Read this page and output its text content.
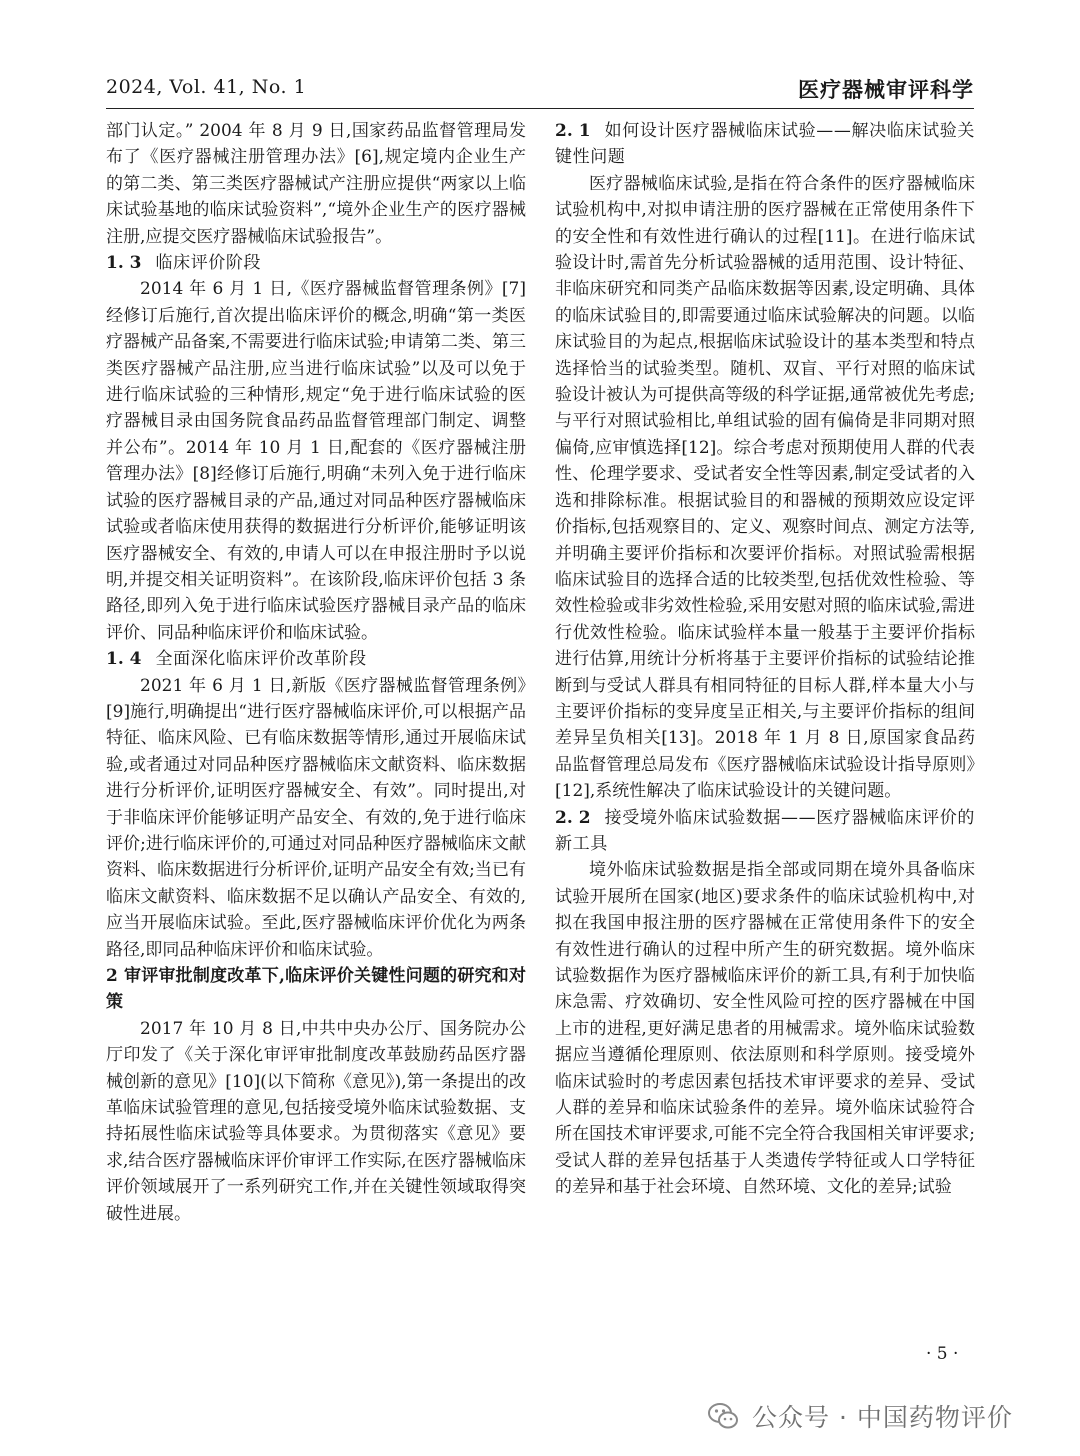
2024, Vol. 41, No. 1	医疗器械审评科学

部门认定。” 2004 年 8 月 9 日,国家药品监督管理局发布了《医疗器械注册管理办法》[6],规定境内企业生产的第二类、第三类医疗器械试产注册应提供“两家以上临床试验基地的临床试验资料”,“境外企业生产的医疗器械注册,应提交医疗器械临床试验报告”。

1. 3 临床评价阶段

2014 年 6 月 1 日,《医疗器械监督管理条例》[7]经修订后施行,首次提出临床评价的概念,明确“第一类医疗器械产品备案,不需要进行临床试验;申请第二类、第三类医疗器械产品注册,应当进行临床试验”以及可以免于进行临床试验的三种情形,规定“免于进行临床试验的医疗器械目录由国务院食品药品监督管理部门制定、调整并公布”。2014 年 10 月 1 日,配套的《医疗器械注册管理办法》[8]经修订后施行,明确“未列入免于进行临床试验的医疗器械目录的产品,通过对同品种医疗器械临床试验或者临床使用获得的数据进行分析评价,能够证明该医疗器械安全、有效的,申请人可以在申报注册时予以说明,并提交相关证明资料”。在该阶段,临床评价包括 3 条路径,即列入免于进行临床试验医疗器械目录产品的临床评价、同品种临床评价和临床试验。

1. 4 全面深化临床评价改革阶段

2021 年 6 月 1 日,新版《医疗器械监督管理条例》[9]施行,明确提出“进行医疗器械临床评价,可以根据产品特征、临床风险、已有临床数据等情形,通过开展临床试验,或者通过对同品种医疗器械临床文献资料、临床数据进行分析评价,证明医疗器械安全、有效”。同时提出,对于非临床评价能够证明产品安全、有效的,免于进行临床评价;进行临床评价的,可通过对同品种医疗器械临床文献资料、临床数据进行分析评价,证明产品安全有效;当已有临床文献资料、临床数据不足以确认产品安全、有效的,应当开展临床试验。至此,医疗器械临床评价优化为两条路径,即同品种临床评价和临床试验。

2 审评审批制度改革下,临床评价关键性问题的研究和对策

2017 年 10 月 8 日,中共中央办公厅、国务院办公厅印发了《关于深化审评审批制度改革鼓励药品医疗器械创新的意见》[10](以下简称《意见》),第一条提出的改革临床试验管理的意见,包括接受境外临床试验数据、支持拓展性临床试验等具体要求。为贯彻落实《意见》要求,结合医疗器械临床评价审评工作实际,在医疗器械临床评价领域展开了一系列研究工作,并在关键性领域取得突破性进展。

2. 1 如何设计医疗器械临床试验——解决临床试验关键性问题

医疗器械临床试验,是指在符合条件的医疗器械临床试验机构中,对拟申请注册的医疗器械在正常使用条件下的安全性和有效性进行确认的过程[11]。在进行临床试验设计时,需首先分析试验器械的适用范围、设计特征、非临床研究和同类产品临床数据等因素,设定明确、具体的临床试验目的,即需要通过临床试验解决的问题。以临床试验目的为起点,根据临床试验设计的基本类型和特点选择恰当的试验类型。随机、双盲、平行对照的临床试验设计被认为可提供高等级的科学证据,通常被优先考虑;与平行对照试验相比,单组试验的固有偏倚是非同期对照偏倚,应审慎选择[12]。综合考虑对预期使用人群的代表性、伦理学要求、受试者安全性等因素,制定受试者的入选和排除标准。根据试验目的和器械的预期效应设定评价指标,包括观察目的、定义、观察时间点、测定方法等,并明确主要评价指标和次要评价指标。对照试验需根据临床试验目的选择合适的比较类型,包括优效性检验、等效性检验或非劣效性检验,采用安慰对照的临床试验,需进行优效性检验。临床试验样本量一般基于主要评价指标进行估算,用统计分析将基于主要评价指标的试验结论推断到与受试人群具有相同特征的目标人群,样本量大小与主要评价指标的变异度呈正相关,与主要评价指标的组间差异呈负相关[13]。2018 年 1 月 8 日,原国家食品药品监督管理总局发布《医疗器械临床试验设计指导原则》[12],系统性解决了临床试验设计的关键问题。

2. 2 接受境外临床试验数据——医疗器械临床评价的新工具

境外临床试验数据是指全部或同期在境外具备临床试验开展所在国家(地区)要求条件的临床试验机构中,对拟在我国申报注册的医疗器械在正常使用条件下的安全有效性进行确认的过程中所产生的研究数据。境外临床试验数据作为医疗器械临床评价的新工具,有利于加快临床急需、疗效确切、安全性风险可控的医疗器械在中国上市的进程,更好满足患者的用械需求。境外临床试验数据应当遵循伦理原则、依法原则和科学原则。接受境外临床试验时的考虑因素包括技术审评要求的差异、受试人群的差异和临床试验条件的差异。境外临床试验符合所在国技术审评要求,可能不完全符合我国相关审评要求;受试人群的差异包括基于人类遗传学特征或人口学特征的差异和基于社会环境、自然环境、文化的差异;试验

· 5 ·
公众号 · 中国药物评价
